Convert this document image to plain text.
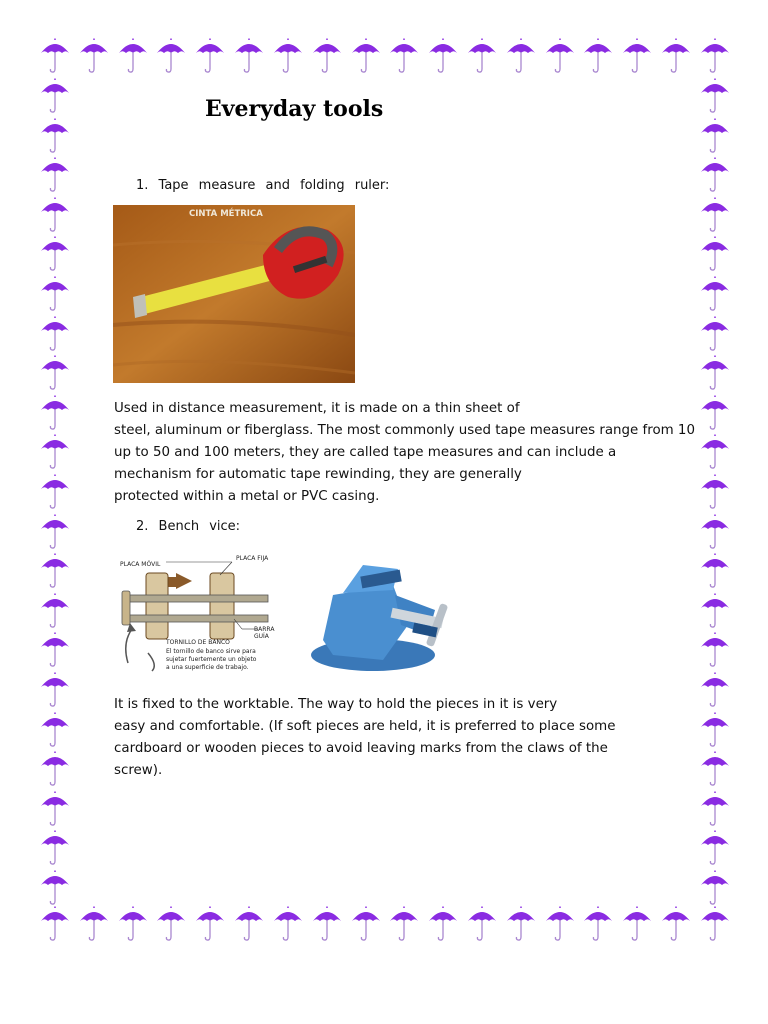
Everyday tools

1. Tape measure and folding ruler:

CINTA MÉTRICA
Used in distance measurement, it is made on a thin sheet of
steel, aluminum or fiberglass. The most commonly used tape measures range from 10
up to 50 and 100 meters, they are called tape measures and can include a
mechanism for automatic tape rewinding, they are generally
protected within a metal or PVC casing.

2. Bench vice:

PLACA MÓVIL
PLACA FIJA
BARRA GUÍA
TORNILLO DE BANCO
El tornillo de banco sirve para
sujetar fuertemente un objeto
a una superficie de trabajo.
It is fixed to the worktable. The way to hold the pieces in it is very
easy and comfortable. (If soft pieces are held, it is preferred to place some
cardboard or wooden pieces to avoid leaving marks from the claws of the
screw).
